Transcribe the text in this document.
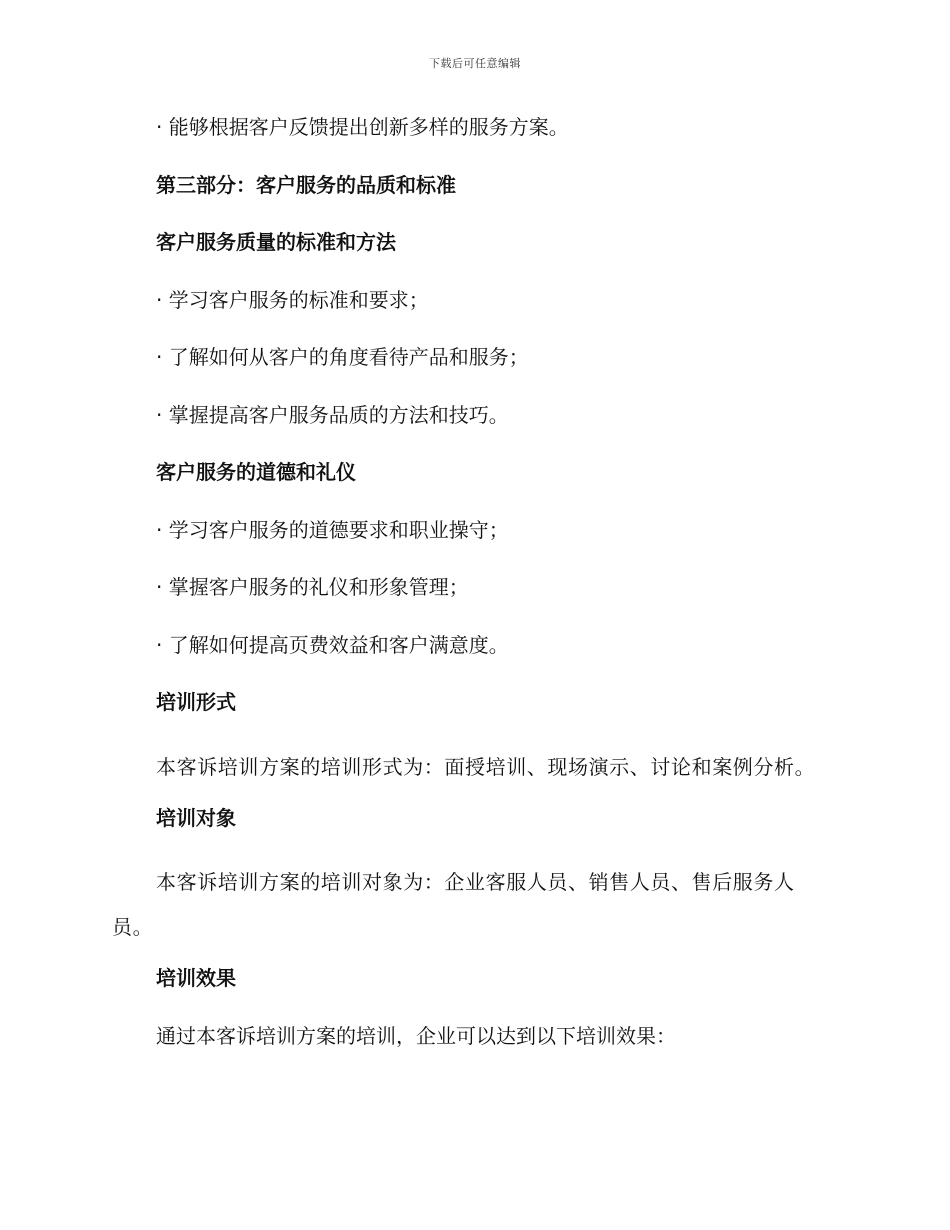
下载后可任意编辑
· 能够根据客户反馈提出创新多样的服务方案。
第三部分：客户服务的品质和标准
客户服务质量的标准和方法
· 学习客户服务的标准和要求；
· 了解如何从客户的角度看待产品和服务；
· 掌握提高客户服务品质的方法和技巧。
客户服务的道德和礼仪
· 学习客户服务的道德要求和职业操守；
· 掌握客户服务的礼仪和形象管理；
· 了解如何提高页费效益和客户满意度。
培训形式
本客诉培训方案的培训形式为：面授培训、现场演示、讨论和案例分析。
培训对象
本客诉培训方案的培训对象为：企业客服人员、销售人员、售后服务人员。
培训效果
通过本客诉培训方案的培训，企业可以达到以下培训效果：
